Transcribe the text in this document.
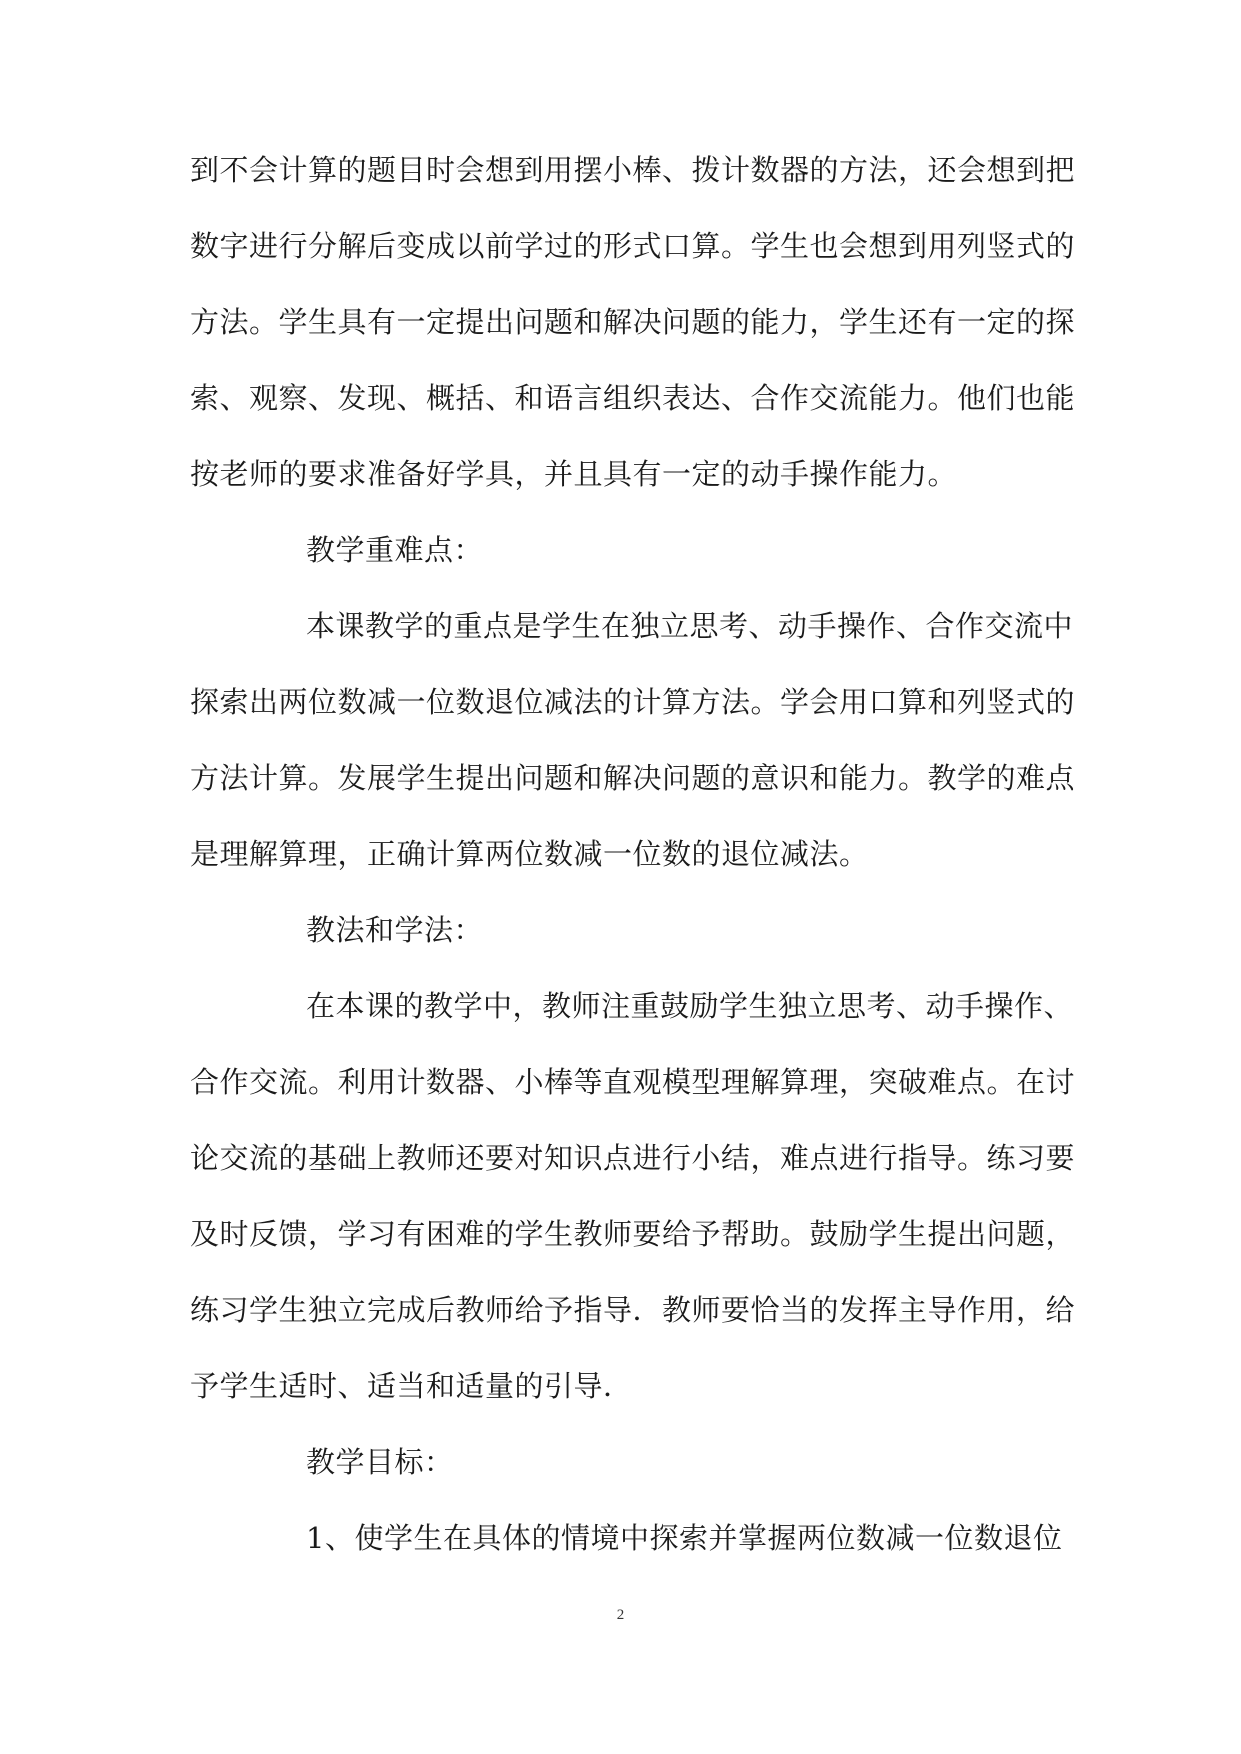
到不会计算的题目时会想到用摆小棒、拨计数器的方法，还会想到把
数字进行分解后变成以前学过的形式口算。学生也会想到用列竖式的
方法。学生具有一定提出问题和解决问题的能力，学生还有一定的探
索、观察、发现、概括、和语言组织表达、合作交流能力。他们也能
按老师的要求准备好学具，并且具有一定的动手操作能力。
教学重难点：
本课教学的重点是学生在独立思考、动手操作、合作交流中
探索出两位数减一位数退位减法的计算方法。学会用口算和列竖式的
方法计算。发展学生提出问题和解决问题的意识和能力。教学的难点
是理解算理，正确计算两位数减一位数的退位减法。
教法和学法：
在本课的教学中，教师注重鼓励学生独立思考、动手操作、
合作交流。利用计数器、小棒等直观模型理解算理，突破难点。在讨
论交流的基础上教师还要对知识点进行小结，难点进行指导。练习要
及时反馈，学习有困难的学生教师要给予帮助。鼓励学生提出问题，
练习学生独立完成后教师给予指导．教师要恰当的发挥主导作用，给
予学生适时、适当和适量的引导．
教学目标：
1、使学生在具体的情境中探索并掌握两位数减一位数退位
2
